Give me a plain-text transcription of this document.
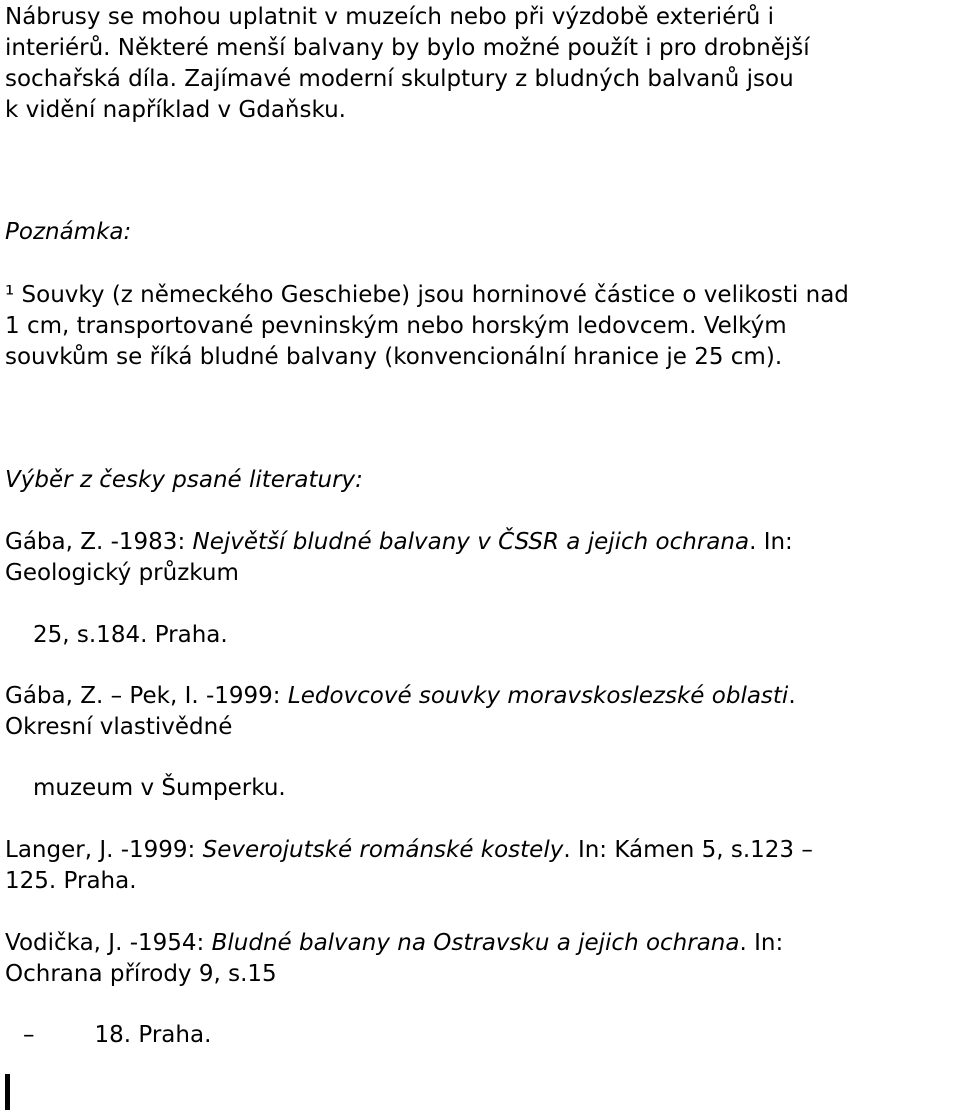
Nábrusy se mohou uplatnit v muzeích nebo při výzdobě exteriérů i
interiérů. Některé menší balvany by bylo možné použít i pro drobnější
sochařská díla. Zajímavé moderní skulptury z bludných balvanů jsou
k vidění například v Gdaňsku.
Poznámka:
¹ Souvky (z německého Geschiebe) jsou horninové částice o velikosti nad
1 cm, transportované pevninským nebo horským ledovcem. Velkým
souvkům se říká bludné balvany (konvencionální hranice je 25 cm).
Výběr z česky psané literatury:
Gába, Z. -1983: Největší bludné balvany v ČSSR a jejich ochrana. In:
Geologický průzkum
25, s.184. Praha.
Gába, Z. – Pek, I. -1999: Ledovcové souvky moravskoslezské oblasti.
Okresní vlastivědné
muzeum v Šumperku.
Langer, J. -1999: Severojutské románské kostely. In: Kámen 5, s.123 –
125. Praha.
Vodička, J. -1954: Bludné balvany na Ostravsku a jejich ochrana. In:
Ochrana přírody 9, s.15
–	18. Praha.
